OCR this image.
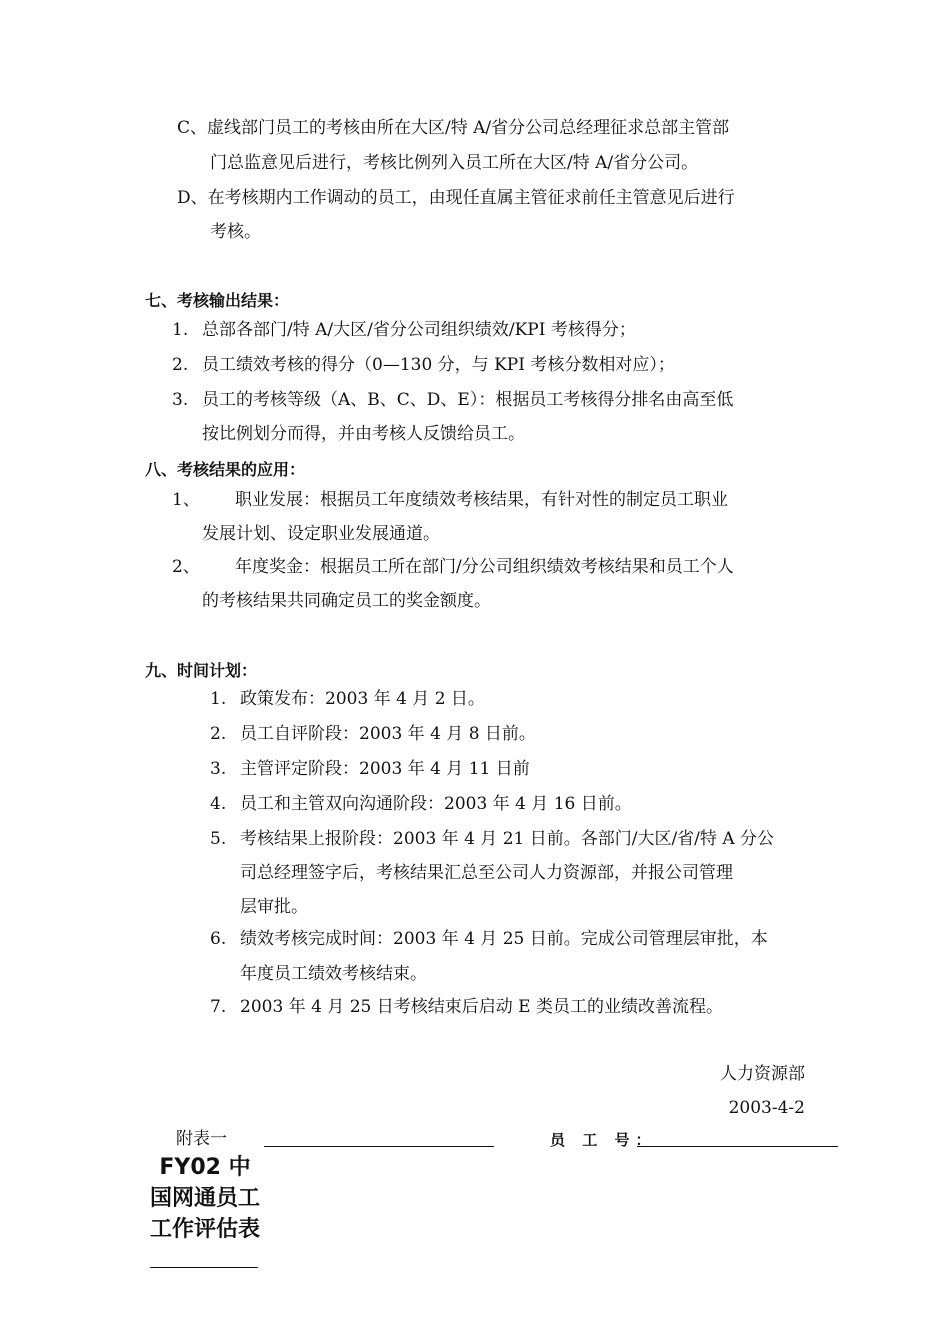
C、虚线部门员工的考核由所在大区/特 A/省分公司总经理征求总部主管部
门总监意见后进行，考核比例列入员工所在大区/特 A/省分公司。
D、在考核期内工作调动的员工，由现任直属主管征求前任主管意见后进行
考核。
七、考核输出结果：
1. 总部各部门/特 A/大区/省分公司组织绩效/KPI 考核得分；
2. 员工绩效考核的得分（0—130 分，与 KPI 考核分数相对应）；
3. 员工的考核等级（A、B、C、D、E）：根据员工考核得分排名由高至低
按比例划分而得，并由考核人反馈给员工。
八、考核结果的应用：
1、 职业发展：根据员工年度绩效考核结果，有针对性的制定员工职业
发展计划、设定职业发展通道。
2、 年度奖金：根据员工所在部门/分公司组织绩效考核结果和员工个人
的考核结果共同确定员工的奖金额度。
九、时间计划：
1. 政策发布：2003 年 4 月 2 日。
2. 员工自评阶段：2003 年 4 月 8 日前。
3. 主管评定阶段：2003 年 4 月 11 日前
4. 员工和主管双向沟通阶段：2003 年 4 月 16 日前。
5. 考核结果上报阶段：2003 年 4 月 21 日前。各部门/大区/省/特 A 分公
司总经理签字后，考核结果汇总至公司人力资源部，并报公司管理
层审批。
6. 绩效考核完成时间：2003 年 4 月 25 日前。完成公司管理层审批，本
年度员工绩效考核结束。
7. 2003 年 4 月 25 日考核结束后启动 E 类员工的业绩改善流程。
人力资源部
2003-4-2
附表一	员 工 号：
FY02 中国网通员工工作评估表
